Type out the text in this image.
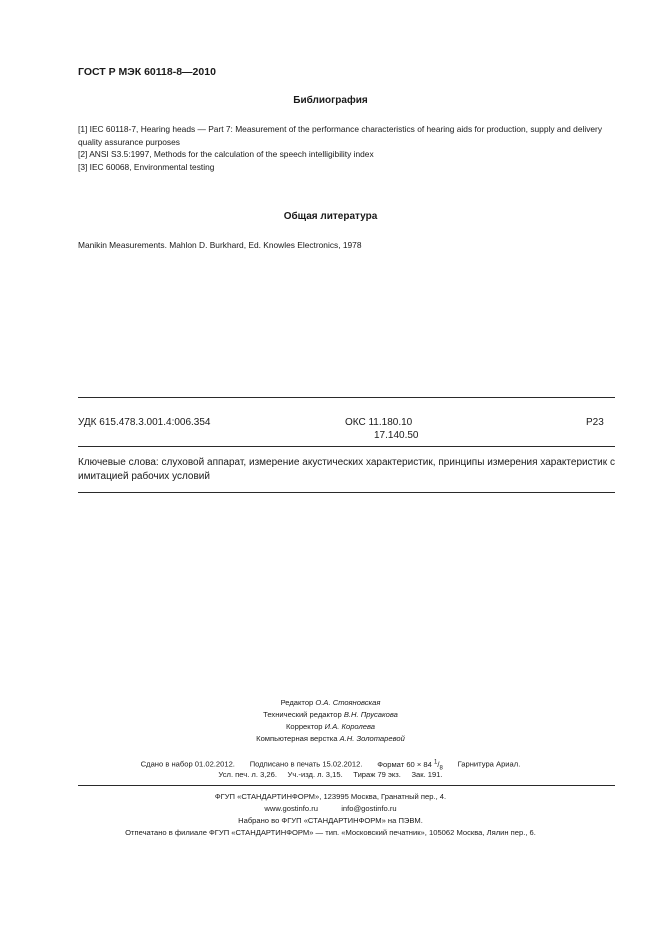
ГОСТ Р МЭК 60118-8—2010
Библиография
[1] IEC 60118-7, Hearing heads — Part 7: Measurement of the performance characteristics of hearing aids for production, supply and delivery quality assurance purposes
[2] ANSI S3.5:1997, Methods for the calculation of the speech intelligibility index
[3] IEC 60068, Environmental testing
Общая литература
Manikin Measurements. Mahlon D. Burkhard, Ed. Knowles Electronics, 1978
УДК 615.478.3.001.4:006.354	ОКС 11.180.10
17.140.50
Р23
Ключевые слова: слуховой аппарат, измерение акустических характеристик, принципы измерения характеристик с имитацией рабочих условий
Редактор О.А. Стояновская
Технический редактор В.Н. Прусакова
Корректор И.А. Королева
Компьютерная верстка А.Н. Золотаревой
Сдано в набор 01.02.2012. Подписано в печать 15.02.2012. Формат 60 × 84 $^1/_8$ Гарнитура Ариал.
Усл. печ. л. 3,26. Уч.-изд. л. 3,15. Тираж 79 экз. Зак. 191.
ФГУП «СТАНДАРТИНФОРМ», 123995 Москва, Гранатный пер., 4.
www.gostinfo.ru	info@gostinfo.ru
Набрано во ФГУП «СТАНДАРТИНФОРМ» на ПЭВМ.
Отпечатано в филиале ФГУП «СТАНДАРТИНФОРМ» — тип. «Московский печатник», 105062 Москва, Лялин пер., 6.
